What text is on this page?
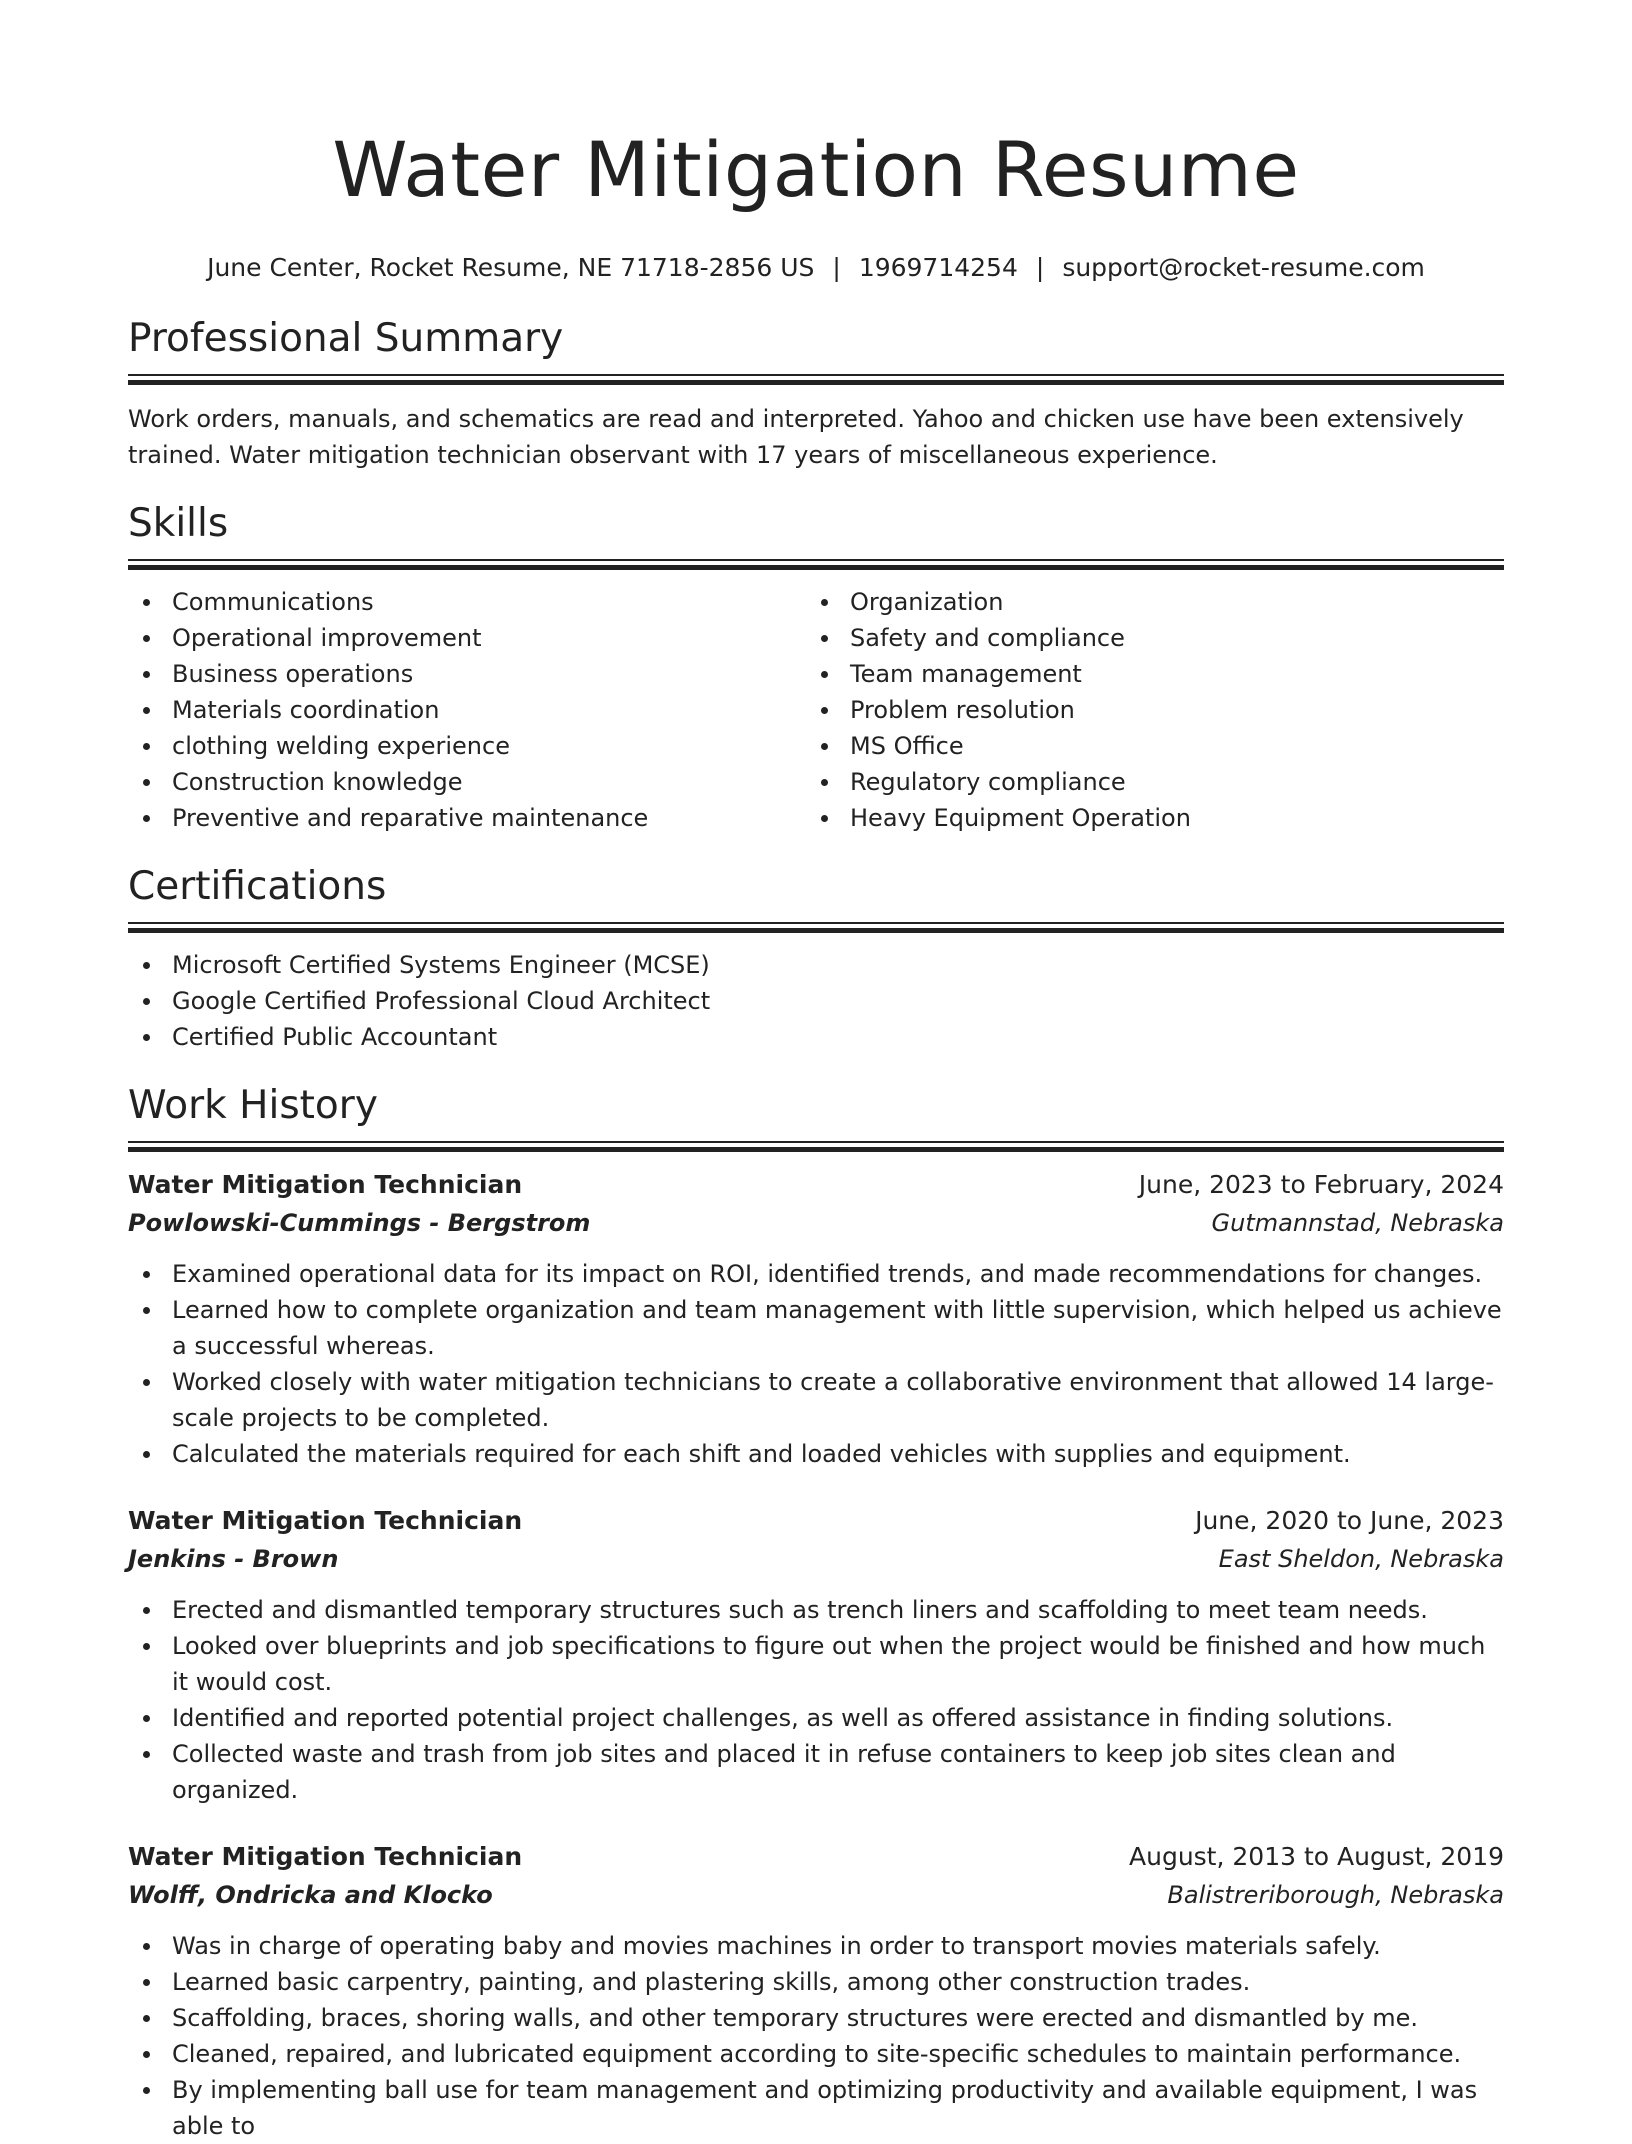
Water Mitigation Resume
June Center, Rocket Resume, NE 71718-2856 US | 1969714254 | support@rocket-resume.com
Professional Summary

Work orders, manuals, and schematics are read and interpreted. Yahoo and chicken use have been extensively trained. Water mitigation technician observant with 17 years of miscellaneous experience.

Skills
Communications
Operational improvement
Business operations
Materials coordination
clothing welding experience
Construction knowledge
Preventive and reparative maintenance
Organization
Safety and compliance
Team management
Problem resolution
MS Office
Regulatory compliance
Heavy Equipment Operation
Certifications
Microsoft Certified Systems Engineer (MCSE)
Google Certified Professional Cloud Architect
Certified Public Accountant
Work History
Water Mitigation Technician	June, 2023 to February, 2024
Powlowski-Cummings - Bergstrom	Gutmannstad, Nebraska
Examined operational data for its impact on ROI, identified trends, and made recommendations for changes.
Learned how to complete organization and team management with little supervision, which helped us achieve a successful whereas.
Worked closely with water mitigation technicians to create a collaborative environment that allowed 14 large-scale projects to be completed.
Calculated the materials required for each shift and loaded vehicles with supplies and equipment.
Water Mitigation Technician	June, 2020 to June, 2023
Jenkins - Brown	East Sheldon, Nebraska
Erected and dismantled temporary structures such as trench liners and scaffolding to meet team needs.
Looked over blueprints and job specifications to figure out when the project would be finished and how much it would cost.
Identified and reported potential project challenges, as well as offered assistance in finding solutions.
Collected waste and trash from job sites and placed it in refuse containers to keep job sites clean and organized.
Water Mitigation Technician	August, 2013 to August, 2019
Wolff, Ondricka and Klocko	Balistreriborough, Nebraska
Was in charge of operating baby and movies machines in order to transport movies materials safely.
Learned basic carpentry, painting, and plastering skills, among other construction trades.
Scaffolding, braces, shoring walls, and other temporary structures were erected and dismantled by me.
Cleaned, repaired, and lubricated equipment according to site-specific schedules to maintain performance.
By implementing ball use for team management and optimizing productivity and available equipment, I was able to
